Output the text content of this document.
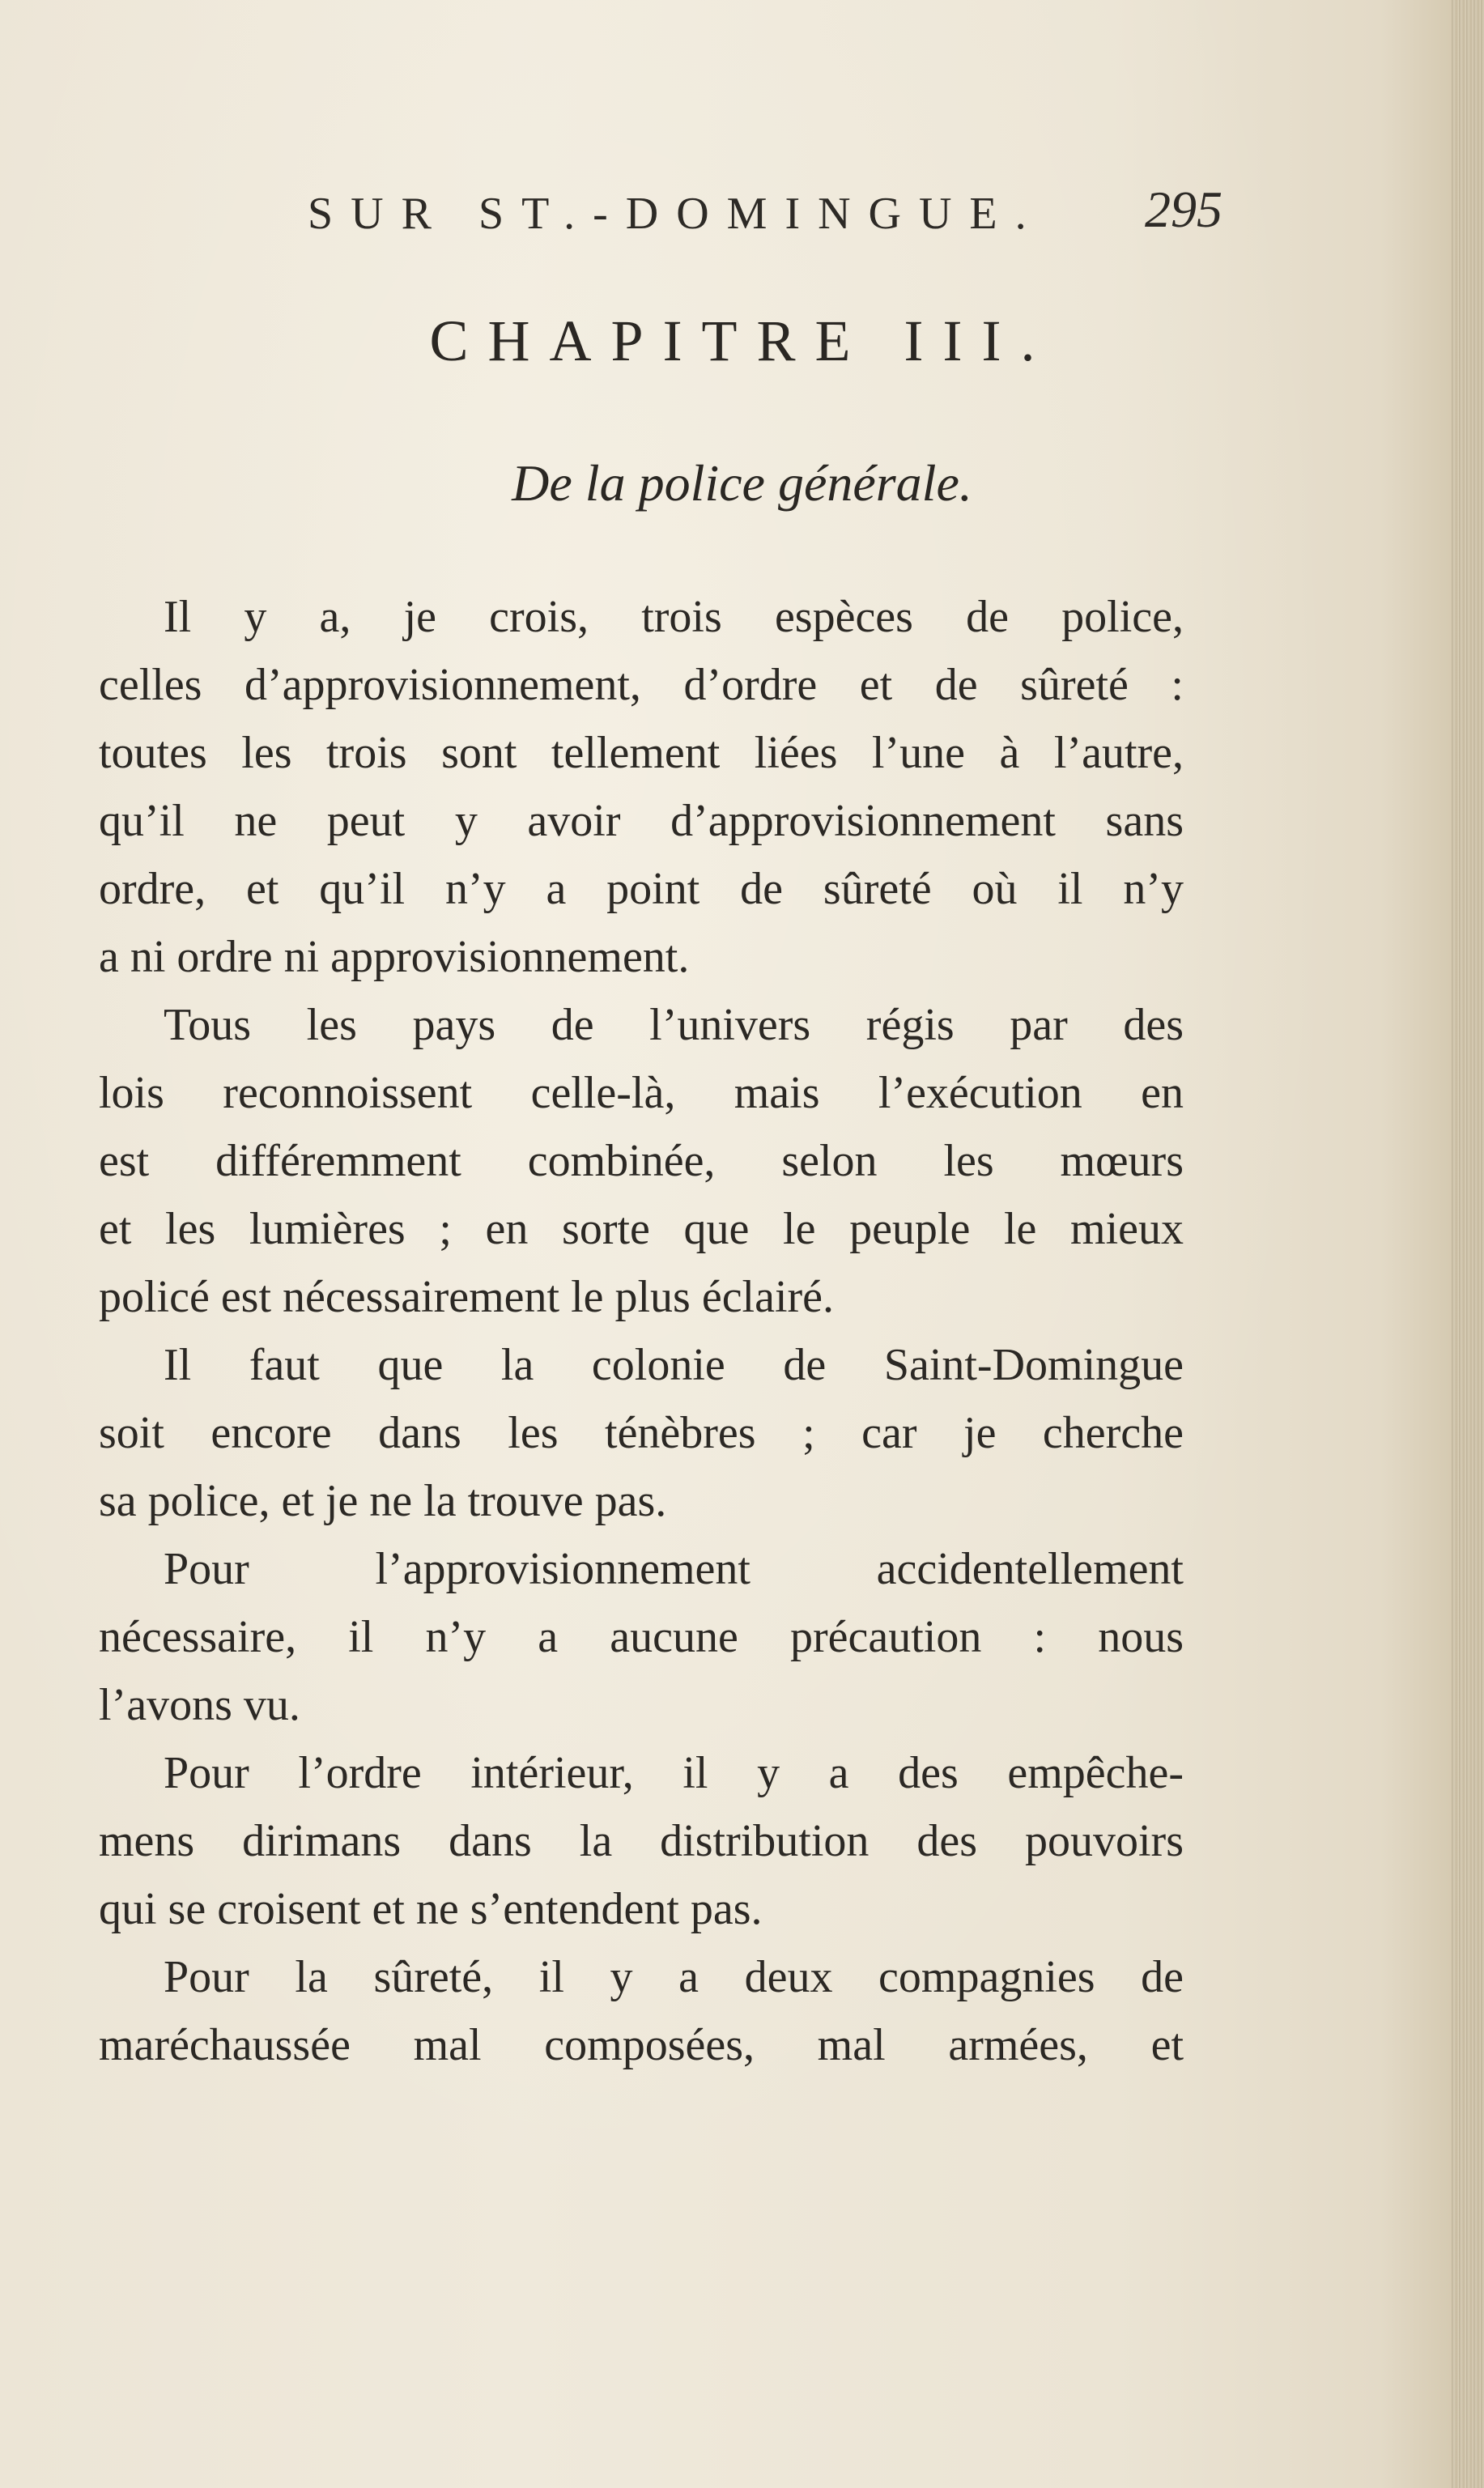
SUR ST.-DOMINGUE. 295
CHAPITRE III.
De la police générale.
Il y a, je crois, trois espèces de police,
celles d’approvisionnement, d’ordre et de sûreté :
toutes les trois sont tellement liées l’une à l’autre,
qu’il ne peut y avoir d’approvisionnement sans
ordre, et qu’il n’y a point de sûreté où il n’y
a ni ordre ni approvisionnement.
Tous les pays de l’univers régis par des
lois reconnoissent celle-là, mais l’exécution en
est différemment combinée, selon les mœurs
et les lumières ; en sorte que le peuple le mieux
policé est nécessairement le plus éclairé.
Il faut que la colonie de Saint-Domingue
soit encore dans les ténèbres ; car je cherche
sa police, et je ne la trouve pas.
Pour l’approvisionnement accidentellement
nécessaire, il n’y a aucune précaution : nous
l’avons vu.
Pour l’ordre intérieur, il y a des empêche-
mens dirimans dans la distribution des pouvoirs
qui se croisent et ne s’entendent pas.
Pour la sûreté, il y a deux compagnies de
maréchaussée mal composées, mal armées, et
